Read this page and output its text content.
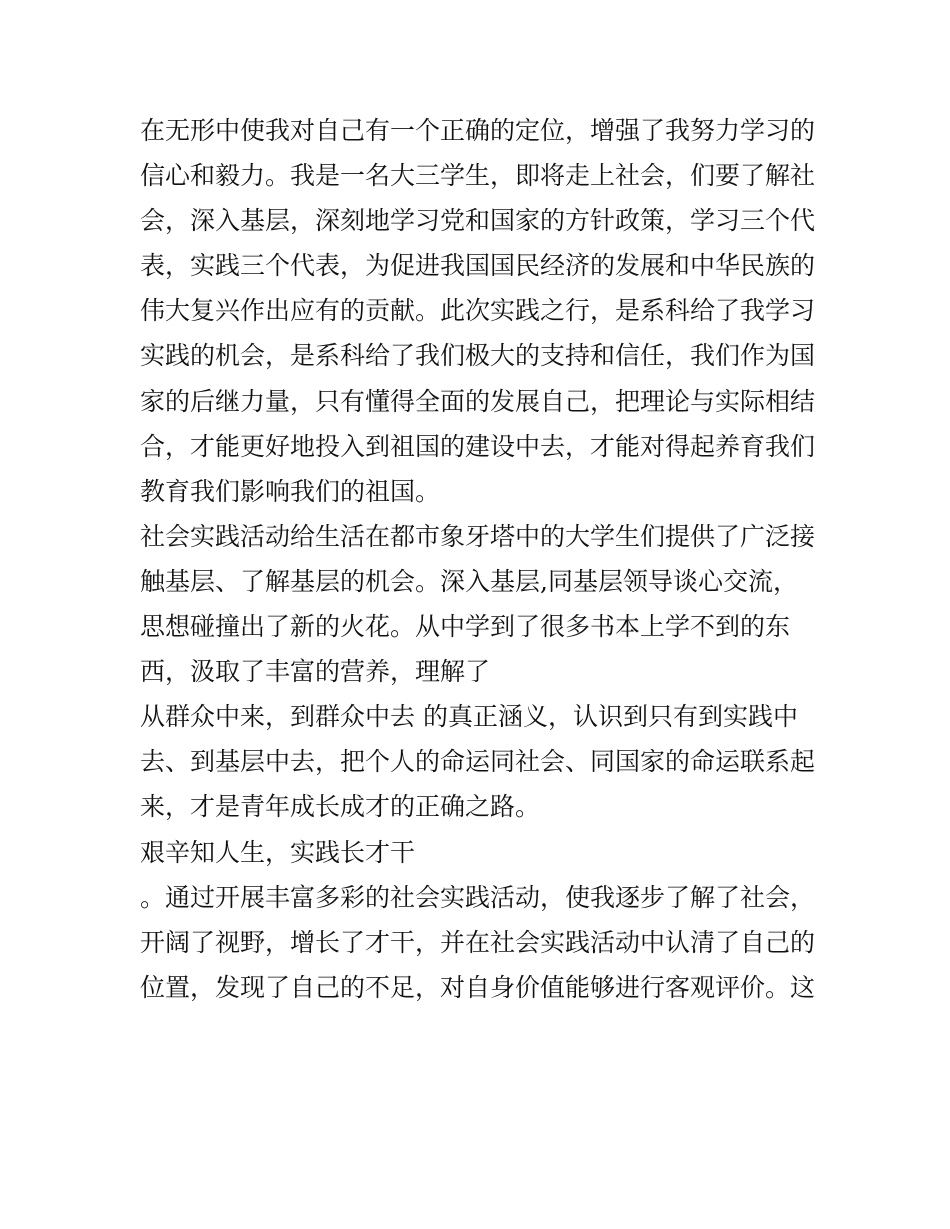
在无形中使我对自己有一个正确的定位，增强了我努力学习的
信心和毅力。我是一名大三学生，即将走上社会，们要了解社
会，深入基层，深刻地学习党和国家的方针政策，学习三个代
表，实践三个代表，为促进我国国民经济的发展和中华民族的
伟大复兴作出应有的贡献。此次实践之行，是系科给了我学习
实践的机会，是系科给了我们极大的支持和信任，我们作为国
家的后继力量，只有懂得全面的发展自己，把理论与实际相结
合，才能更好地投入到祖国的建设中去，才能对得起养育我们
教育我们影响我们的祖国。
社会实践活动给生活在都市象牙塔中的大学生们提供了广泛接
触基层、了解基层的机会。深入基层,同基层领导谈心交流，
思想碰撞出了新的火花。从中学到了很多书本上学不到的东
西，汲取了丰富的营养，理解了
从群众中来，到群众中去 的真正涵义，认识到只有到实践中
去、到基层中去，把个人的命运同社会、同国家的命运联系起
来，才是青年成长成才的正确之路。
艰辛知人生，实践长才干
。通过开展丰富多彩的社会实践活动，使我逐步了解了社会，
开阔了视野，增长了才干，并在社会实践活动中认清了自己的
位置，发现了自己的不足，对自身价值能够进行客观评价。这
